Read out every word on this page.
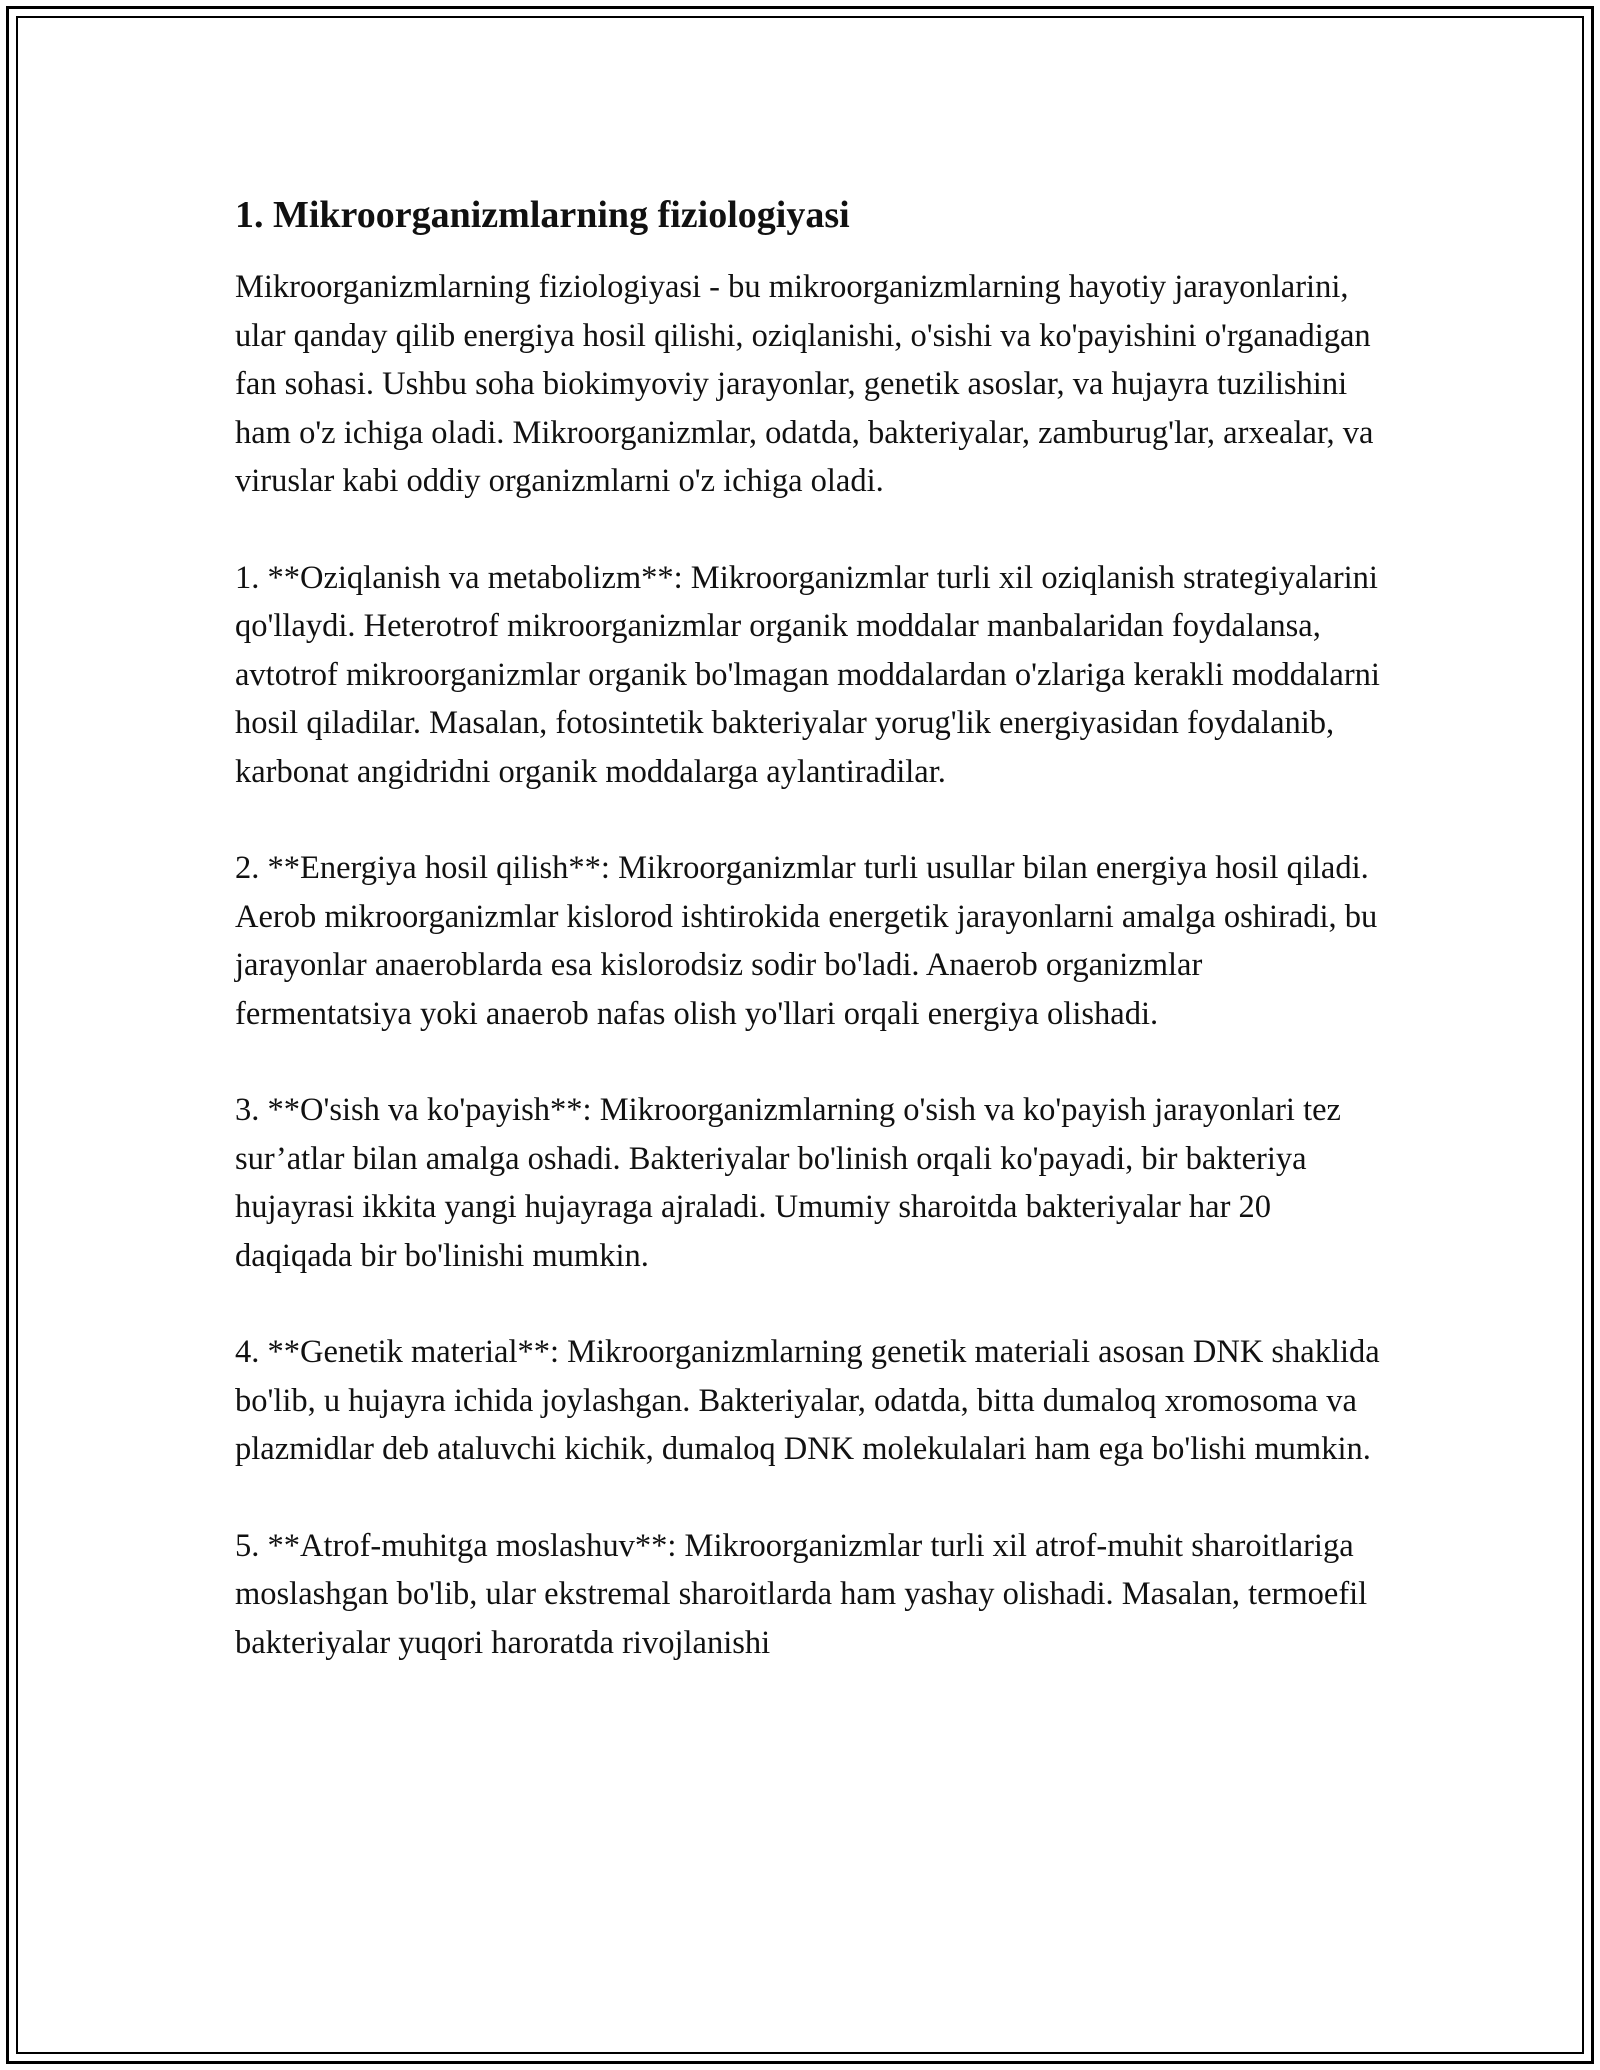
1. Mikroorganizmlarning fiziologiyasi

Mikroorganizmlarning fiziologiyasi - bu mikroorganizmlarning hayotiy jarayonlarini, ular qanday qilib energiya hosil qilishi, oziqlanishi, o'sishi va ko'payishini o'rganadigan fan sohasi. Ushbu soha biokimyoviy jarayonlar, genetik asoslar, va hujayra tuzilishini ham o'z ichiga oladi. Mikroorganizmlar, odatda, bakteriyalar, zamburug'lar, arxealar, va viruslar kabi oddiy organizmlarni o'z ichiga oladi.

1. **Oziqlanish va metabolizm**: Mikroorganizmlar turli xil oziqlanish strategiyalarini qo'llaydi. Heterotrof mikroorganizmlar organik moddalar manbalaridan foydalansa, avtotrof mikroorganizmlar organik bo'lmagan moddalardan o'zlariga kerakli moddalarni hosil qiladilar. Masalan, fotosintetik bakteriyalar yorug'lik energiyasidan foydalanib, karbonat angidridni organik moddalarga aylantiradilar.

2. **Energiya hosil qilish**: Mikroorganizmlar turli usullar bilan energiya hosil qiladi. Aerob mikroorganizmlar kislorod ishtirokida energetik jarayonlarni amalga oshiradi, bu jarayonlar anaeroblarda esa kislorodsiz sodir bo'ladi. Anaerob organizmlar fermentatsiya yoki anaerob nafas olish yo'llari orqali energiya olishadi.

3. **O'sish va ko'payish**: Mikroorganizmlarning o'sish va ko'payish jarayonlari tez sur’atlar bilan amalga oshadi. Bakteriyalar bo'linish orqali ko'payadi, bir bakteriya hujayrasi ikkita yangi hujayraga ajraladi. Umumiy sharoitda bakteriyalar har 20 daqiqada bir bo'linishi mumkin.

4. **Genetik material**: Mikroorganizmlarning genetik materiali asosan DNK shaklida bo'lib, u hujayra ichida joylashgan. Bakteriyalar, odatda, bitta dumaloq xromosoma va plazmidlar deb ataluvchi kichik, dumaloq DNK molekulalari ham ega bo'lishi mumkin.

5. **Atrof-muhitga moslashuv**: Mikroorganizmlar turli xil atrof-muhit sharoitlariga moslashgan bo'lib, ular ekstremal sharoitlarda ham yashay olishadi. Masalan, termoefil bakteriyalar yuqori haroratda rivojlanishi
